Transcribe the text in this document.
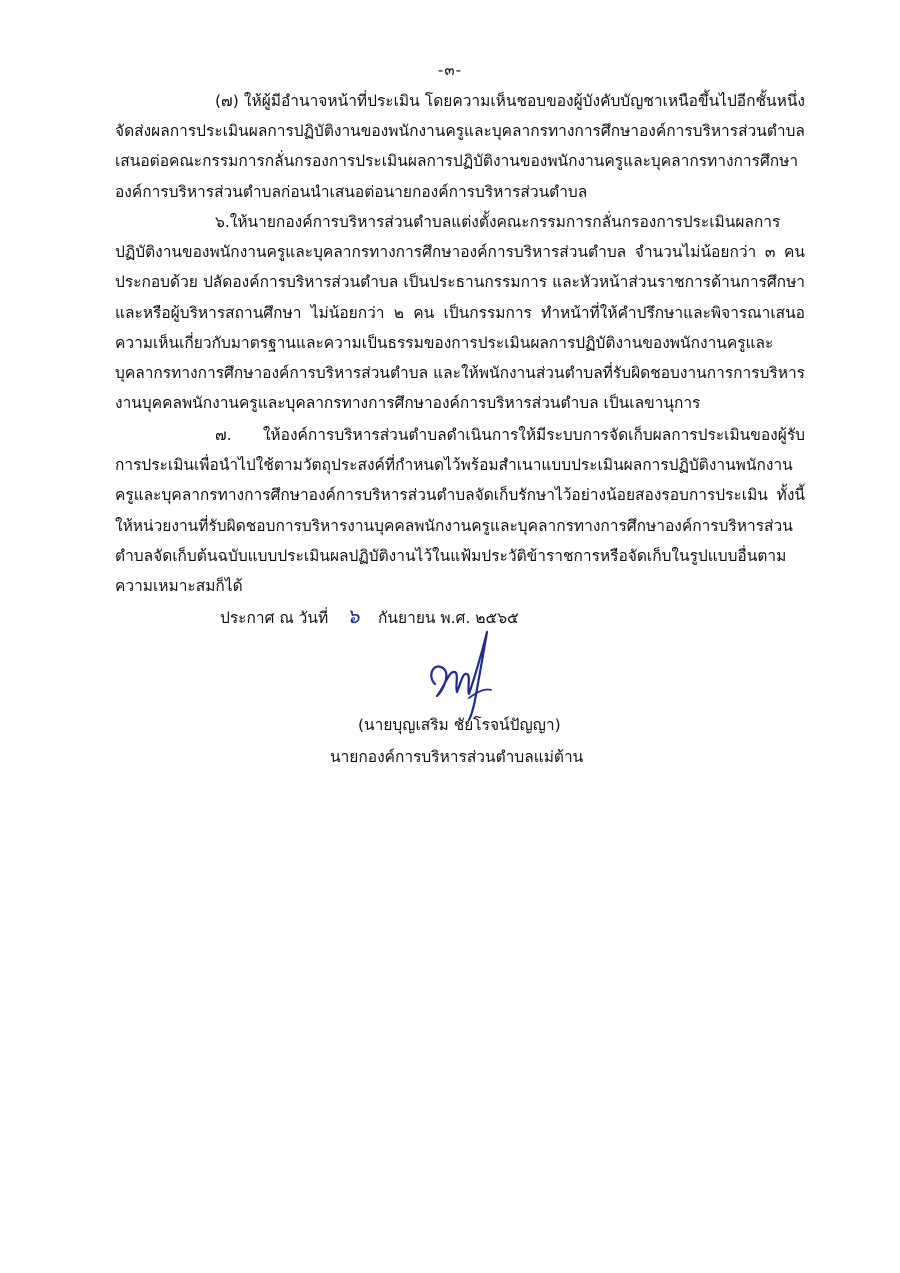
-๓-

(๗) ให้ผู้มีอำนาจหน้าที่ประเมิน โดยความเห็นชอบของผู้บังคับบัญชาเหนือขึ้นไปอีกชั้นหนึ่ง จัดส่งผลการประเมินผลการปฏิบัติงานของพนักงานครูและบุคลากรทางการศึกษาองค์การบริหารส่วนตำบลเสนอต่อคณะกรรมการกลั่นกรองการประเมินผลการปฏิบัติงานของพนักงานครูและบุคลากรทางการศึกษาองค์การบริหารส่วนตำบลก่อนนำเสนอต่อนายกองค์การบริหารส่วนตำบล

๖.ให้นายกองค์การบริหารส่วนตำบลแต่งตั้งคณะกรรมการกลั่นกรองการประเมินผลการปฏิบัติงานของพนักงานครูและบุคลากรทางการศึกษาองค์การบริหารส่วนตำบล จำนวนไม่น้อยกว่า ๓ คน ประกอบด้วย ปลัดองค์การบริหารส่วนตำบล เป็นประธานกรรมการ และหัวหน้าส่วนราชการด้านการศึกษาและหรือผู้บริหารสถานศึกษา ไม่น้อยกว่า ๒ คน เป็นกรรมการ ทำหน้าที่ให้คำปรึกษาและพิจารณาเสนอความเห็นเกี่ยวกับมาตรฐานและความเป็นธรรมของการประเมินผลการปฏิบัติงานของพนักงานครูและบุคลากรทางการศึกษาองค์การบริหารส่วนตำบล และให้พนักงานส่วนตำบลที่รับผิดชอบงานการการบริหารงานบุคคลพนักงานครูและบุคลากรทางการศึกษาองค์การบริหารส่วนตำบล เป็นเลขานุการ

๗. ให้องค์การบริหารส่วนตำบลดำเนินการให้มีระบบการจัดเก็บผลการประเมินของผู้รับการประเมินเพื่อนำไปใช้ตามวัตถุประสงค์ที่กำหนดไว้พร้อมสำเนาแบบประเมินผลการปฏิบัติงานพนักงานครูและบุคลากรทางการศึกษาองค์การบริหารส่วนตำบลจัดเก็บรักษาไว้อย่างน้อยสองรอบการประเมิน ทั้งนี้ ให้หน่วยงานที่รับผิดชอบการบริหารงานบุคคลพนักงานครูและบุคลากรทางการศึกษาองค์การบริหารส่วนตำบลจัดเก็บต้นฉบับแบบประเมินผลปฏิบัติงานไว้ในแฟ้มประวัติข้าราชการหรือจัดเก็บในรูปแบบอื่นตามความเหมาะสมก็ได้

ประกาศ ณ วันที่ ๖ กันยายน พ.ศ. ๒๕๖๕
(นายบุญเสริม ชัยโรจน์ปัญญา)
นายกองค์การบริหารส่วนตำบลแม่ต้าน
